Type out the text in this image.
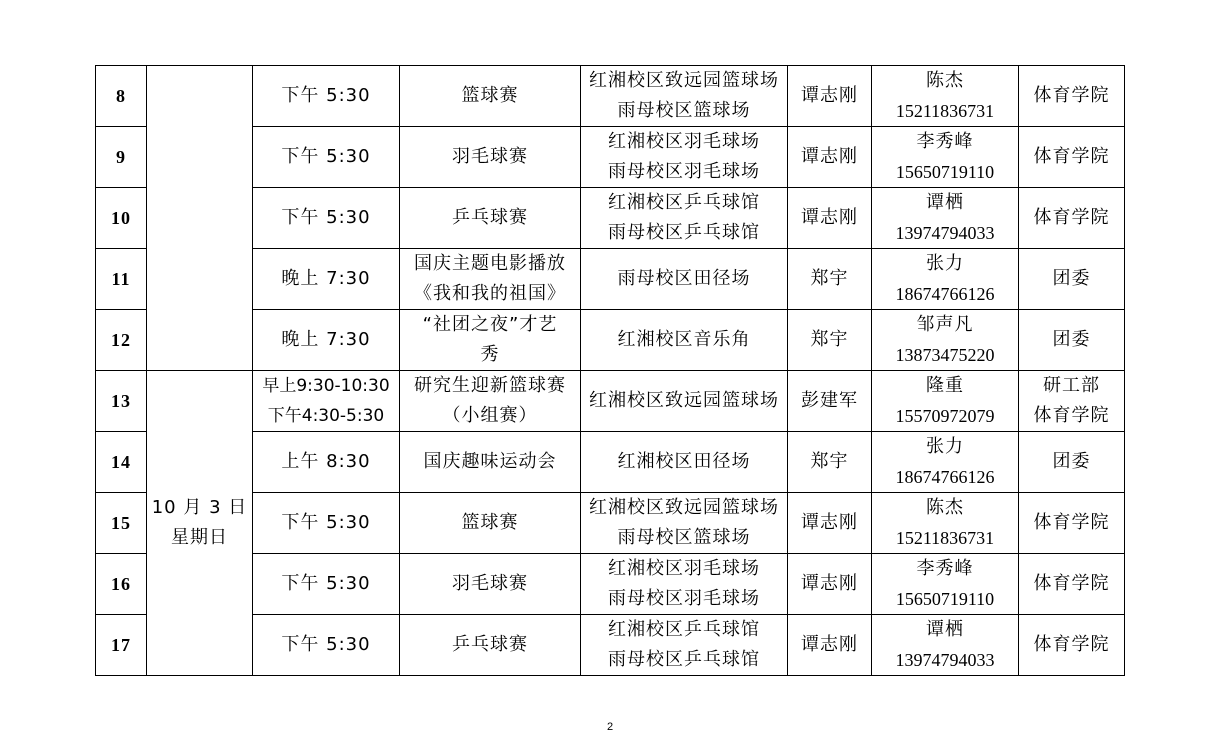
8		下午 5:30	篮球赛	红湘校区致远园篮球场
雨母校区篮球场	谭志刚	陈杰
15211836731	体育学院

9		下午 5:30	羽毛球赛	红湘校区羽毛球场
雨母校区羽毛球场	谭志刚	李秀峰
15650719110	体育学院

10		下午 5:30	乒乓球赛	红湘校区乒乓球馆
雨母校区乒乓球馆	谭志刚	谭栖
13974794033	体育学院

11		晚上 7:30	国庆主题电影播放
《我和我的祖国》	雨母校区田径场	郑宇	张力
18674766126	团委

12		晚上 7:30	“社团之夜”才艺
秀	红湘校区音乐角	郑宇	邹声凡
13873475220	团委

13	10 月 3 日
星期日	早上9:30-10:30
下午4:30-5:30	研究生迎新篮球赛
（小组赛）	红湘校区致远园篮球场	彭建军	隆重
15570972079	研工部
体育学院

14		上午 8:30	国庆趣味运动会	红湘校区田径场	郑宇	张力
18674766126	团委

15		下午 5:30	篮球赛	红湘校区致远园篮球场
雨母校区篮球场	谭志刚	陈杰
15211836731	体育学院

16		下午 5:30	羽毛球赛	红湘校区羽毛球场
雨母校区羽毛球场	谭志刚	李秀峰
15650719110	体育学院

17		下午 5:30	乒乓球赛	红湘校区乒乓球馆
雨母校区乒乓球馆	谭志刚	谭栖
13974794033	体育学院
2
